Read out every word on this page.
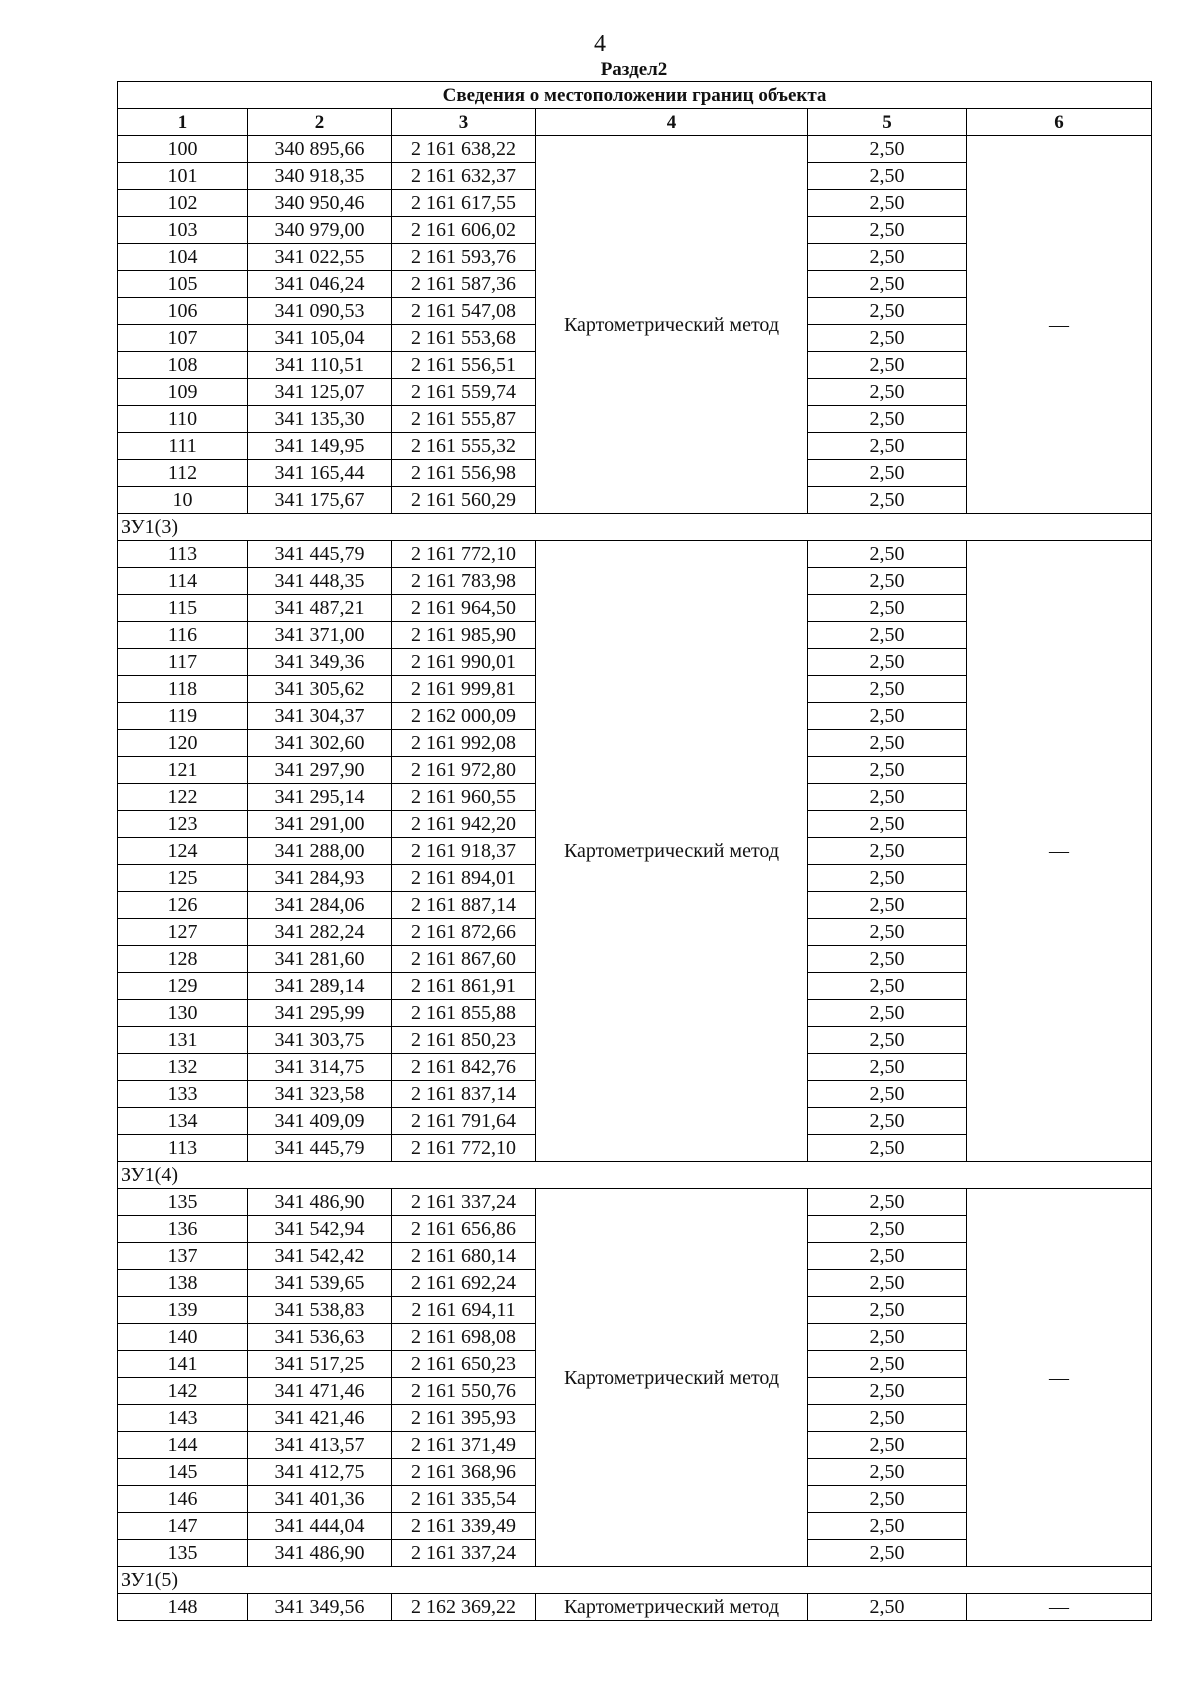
4
Раздел2
Сведения о местоположении границ объекта					
1	2	3	4	5	6
100	340 895,66	2 161 638,22	Картометрический метод	2,50	—
101	340 918,35	2 161 632,37		2,50	
102	340 950,46	2 161 617,55		2,50	
103	340 979,00	2 161 606,02		2,50	
104	341 022,55	2 161 593,76		2,50	
105	341 046,24	2 161 587,36		2,50	
106	341 090,53	2 161 547,08		2,50	
107	341 105,04	2 161 553,68		2,50	
108	341 110,51	2 161 556,51		2,50	
109	341 125,07	2 161 559,74		2,50	
110	341 135,30	2 161 555,87		2,50	
111	341 149,95	2 161 555,32		2,50	
112	341 165,44	2 161 556,98		2,50	
10	341 175,67	2 161 560,29		2,50	
ЗУ1(3)					
113	341 445,79	2 161 772,10	Картометрический метод	2,50	—
114	341 448,35	2 161 783,98		2,50	
115	341 487,21	2 161 964,50		2,50	
116	341 371,00	2 161 985,90		2,50	
117	341 349,36	2 161 990,01		2,50	
118	341 305,62	2 161 999,81		2,50	
119	341 304,37	2 162 000,09		2,50	
120	341 302,60	2 161 992,08		2,50	
121	341 297,90	2 161 972,80		2,50	
122	341 295,14	2 161 960,55		2,50	
123	341 291,00	2 161 942,20		2,50	
124	341 288,00	2 161 918,37		2,50	
125	341 284,93	2 161 894,01		2,50	
126	341 284,06	2 161 887,14		2,50	
127	341 282,24	2 161 872,66		2,50	
128	341 281,60	2 161 867,60		2,50	
129	341 289,14	2 161 861,91		2,50	
130	341 295,99	2 161 855,88		2,50	
131	341 303,75	2 161 850,23		2,50	
132	341 314,75	2 161 842,76		2,50	
133	341 323,58	2 161 837,14		2,50	
134	341 409,09	2 161 791,64		2,50	
113	341 445,79	2 161 772,10		2,50	
ЗУ1(4)					
135	341 486,90	2 161 337,24	Картометрический метод	2,50	—
136	341 542,94	2 161 656,86		2,50	
137	341 542,42	2 161 680,14		2,50	
138	341 539,65	2 161 692,24		2,50	
139	341 538,83	2 161 694,11		2,50	
140	341 536,63	2 161 698,08		2,50	
141	341 517,25	2 161 650,23		2,50	
142	341 471,46	2 161 550,76		2,50	
143	341 421,46	2 161 395,93		2,50	
144	341 413,57	2 161 371,49		2,50	
145	341 412,75	2 161 368,96		2,50	
146	341 401,36	2 161 335,54		2,50	
147	341 444,04	2 161 339,49		2,50	
135	341 486,90	2 161 337,24		2,50	
ЗУ1(5)					
148	341 349,56	2 162 369,22	Картометрический метод	2,50	—
